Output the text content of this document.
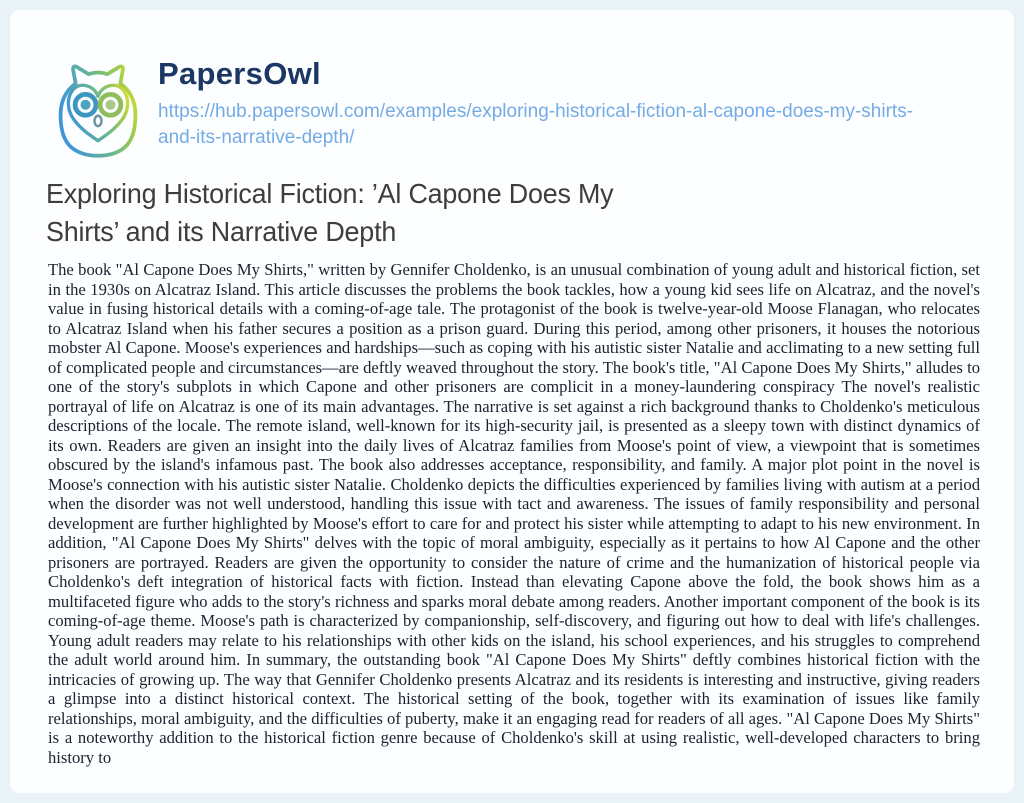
PapersOwl
https://hub.papersowl.com/examples/exploring-historical-fiction-al-capone-does-my-shirts-
and-its-narrative-depth/
Exploring Historical Fiction: ’Al Capone Does My
Shirts’ and its Narrative Depth

The book "Al Capone Does My Shirts," written by Gennifer Choldenko, is an unusual combination of young adult and historical fiction, set in the 1930s on Alcatraz Island. This article discusses the problems the book tackles, how a young kid sees life on Alcatraz, and the novel's value in fusing historical details with a coming-of-age tale. The protagonist of the book is twelve-year-old Moose Flanagan, who relocates to Alcatraz Island when his father secures a position as a prison guard. During this period, among other prisoners, it houses the notorious mobster Al Capone. Moose's experiences and hardships—such as coping with his autistic sister Natalie and acclimating to a new setting full of complicated people and circumstances—are deftly weaved throughout the story. The book's title, "Al Capone Does My Shirts," alludes to one of the story's subplots in which Capone and other prisoners are complicit in a money-laundering conspiracy The novel's realistic portrayal of life on Alcatraz is one of its main advantages. The narrative is set against a rich background thanks to Choldenko's meticulous descriptions of the locale. The remote island, well-known for its high-security jail, is presented as a sleepy town with distinct dynamics of its own. Readers are given an insight into the daily lives of Alcatraz families from Moose's point of view, a viewpoint that is sometimes obscured by the island's infamous past. The book also addresses acceptance, responsibility, and family. A major plot point in the novel is Moose's connection with his autistic sister Natalie. Choldenko depicts the difficulties experienced by families living with autism at a period when the disorder was not well understood, handling this issue with tact and awareness. The issues of family responsibility and personal development are further highlighted by Moose's effort to care for and protect his sister while attempting to adapt to his new environment. In addition, "Al Capone Does My Shirts" delves with the topic of moral ambiguity, especially as it pertains to how Al Capone and the other prisoners are portrayed. Readers are given the opportunity to consider the nature of crime and the humanization of historical people via Choldenko's deft integration of historical facts with fiction. Instead than elevating Capone above the fold, the book shows him as a multifaceted figure who adds to the story's richness and sparks moral debate among readers. Another important component of the book is its coming-of-age theme. Moose's path is characterized by companionship, self-discovery, and figuring out how to deal with life's challenges. Young adult readers may relate to his relationships with other kids on the island, his school experiences, and his struggles to comprehend the adult world around him. In summary, the outstanding book "Al Capone Does My Shirts" deftly combines historical fiction with the intricacies of growing up. The way that Gennifer Choldenko presents Alcatraz and its residents is interesting and instructive, giving readers a glimpse into a distinct historical context. The historical setting of the book, together with its examination of issues like family relationships, moral ambiguity, and the difficulties of puberty, make it an engaging read for readers of all ages. "Al Capone Does My Shirts" is a noteworthy addition to the historical fiction genre because of Choldenko's skill at using realistic, well-developed characters to bring history to
